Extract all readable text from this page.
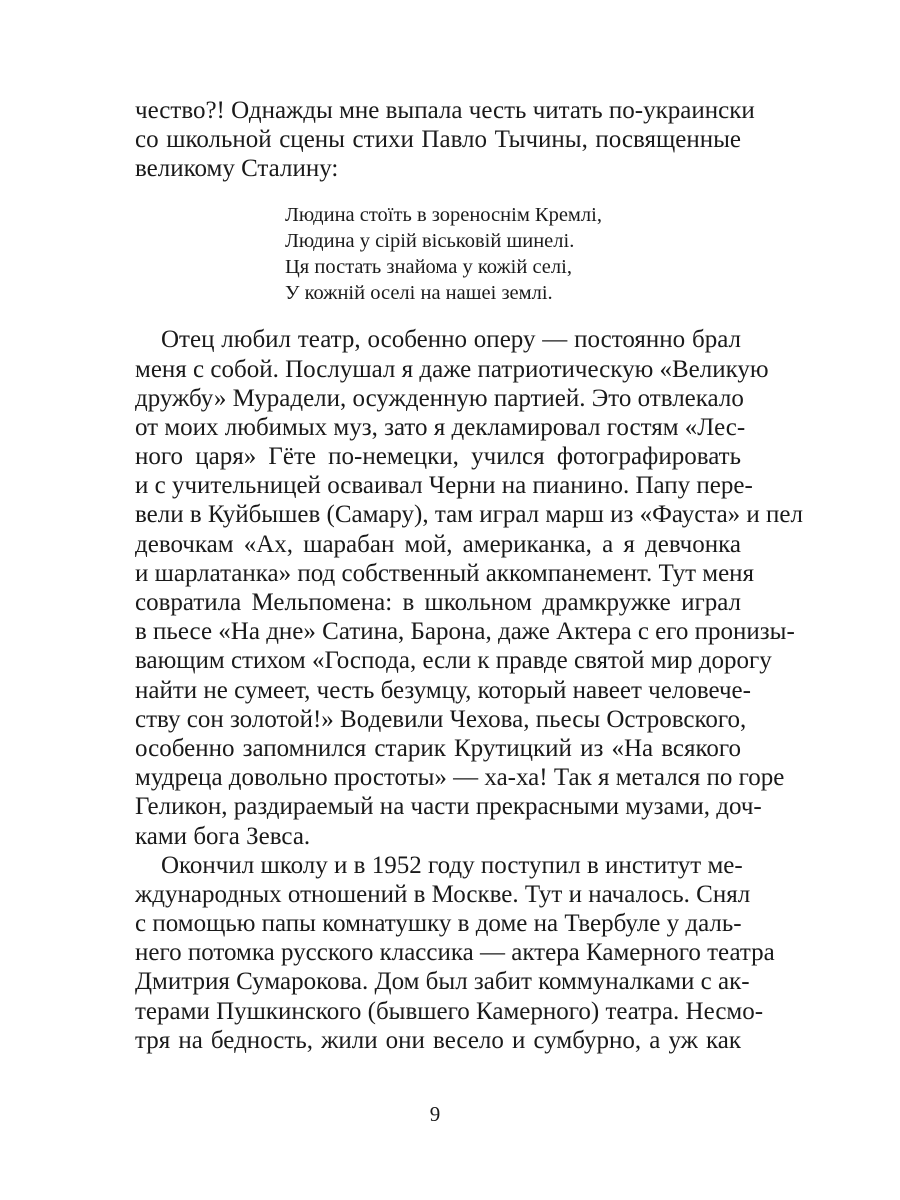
чество?! Однажды мне выпала честь читать по-украински
со школьной сцены стихи Павло Тычины, посвященные
великому Сталину:
Людина стоїть в зореноснім Кремлі,
Людина у сірій віськовій шинелі.
Ця постать знайома у кожій селі,
У кожній оселі на нашеі землі.
Отец любил театр, особенно оперу — постоянно брал
меня с собой. Послушал я даже патриотическую «Великую
дружбу» Мурадели, осужденную партией. Это отвлекало
от моих любимых муз, зато я декламировал гостям «Лес-
ного царя» Гёте по-немецки, учился фотографировать
и с учительницей осваивал Черни на пианино. Папу пере-
вели в Куйбышев (Самару), там играл марш из «Фауста» и пел
девочкам «Ах, шарабан мой, американка, а я девчонка
и шарлатанка» под собственный аккомпанемент. Тут меня
совратила Мельпомена: в школьном драмкружке играл
в пьесе «На дне» Сатина, Барона, даже Актера с его пронизы-
вающим стихом «Господа, если к правде святой мир дорогу
найти не сумеет, честь безумцу, который навеет человече-
ству сон золотой!» Водевили Чехова, пьесы Островского,
особенно запомнился старик Крутицкий из «На всякого
мудреца довольно простоты» — ха-ха! Так я метался по горе
Геликон, раздираемый на части прекрасными музами, доч-
ками бога Зевса.
Окончил школу и в 1952 году поступил в институт ме-
ждународных отношений в Москве. Тут и началось. Снял
с помощью папы комнатушку в доме на Твербуле у даль-
него потомка русского классика — актера Камерного театра
Дмитрия Сумарокова. Дом был забит коммуналками с ак-
терами Пушкинского (бывшего Камерного) театра. Несмо-
тря на бедность, жили они весело и сумбурно, а уж как
9
